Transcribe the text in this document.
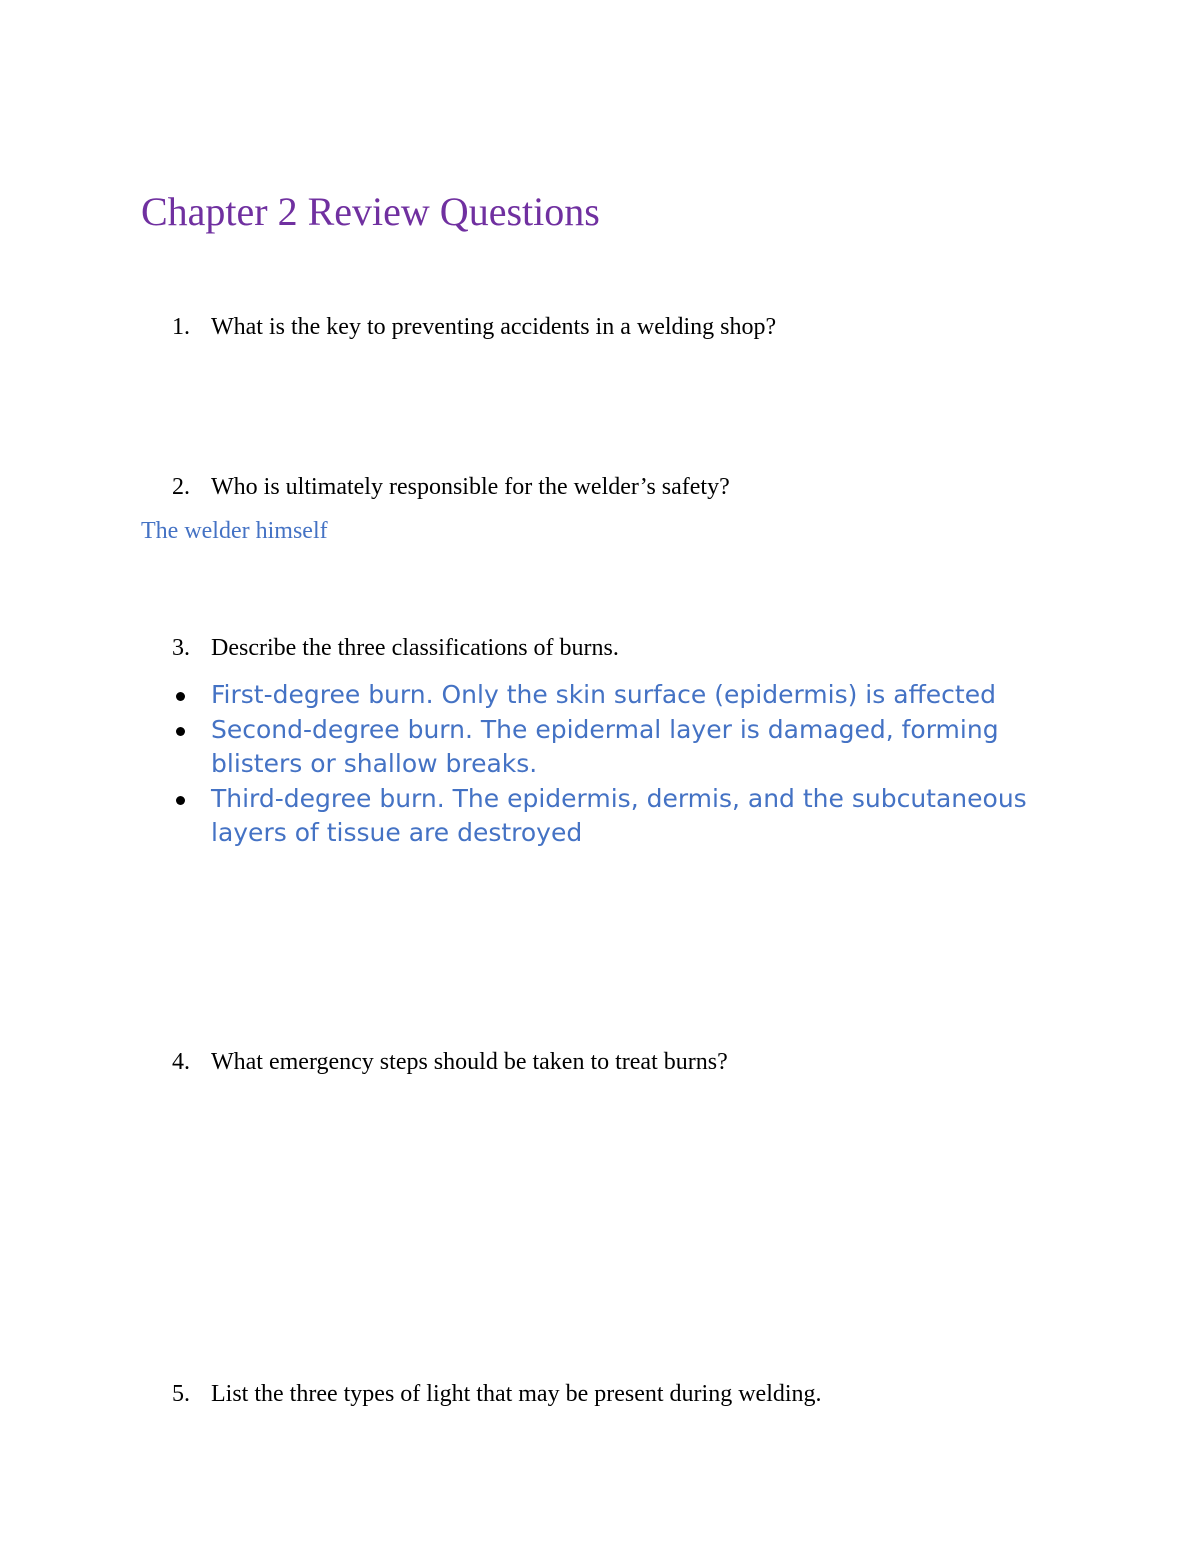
Chapter 2 Review Questions
1. What is the key to preventing accidents in a welding shop?
2. Who is ultimately responsible for the welder’s safety?
The welder himself
3. Describe the three classifications of burns.
First-degree burn. Only the skin surface (epidermis) is affected
Second-degree burn. The epidermal layer is damaged, forming blisters or shallow breaks.
Third-degree burn. The epidermis, dermis, and the subcutaneous layers of tissue are destroyed
4. What emergency steps should be taken to treat burns?
5. List the three types of light that may be present during welding.
